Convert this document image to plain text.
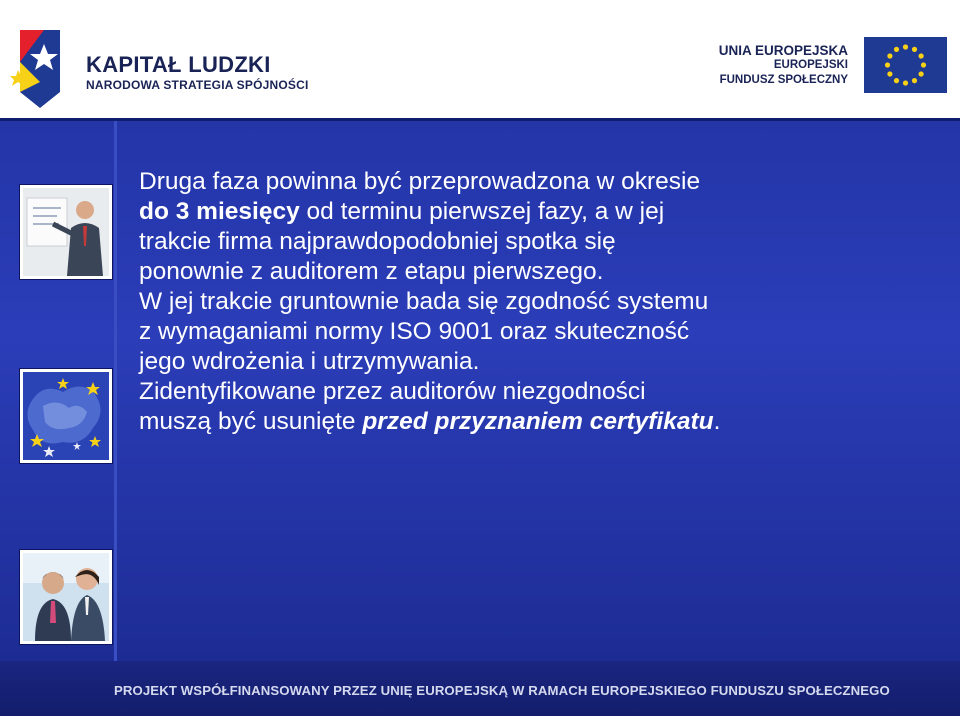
KAPITAŁ LUDZKI
NARODOWA STRATEGIA SPÓJNOŚCI
UNIA EUROPEJSKA
EUROPEJSKI
FUNDUSZ SPOŁECZNY

Druga faza powinna być przeprowadzona w okresie
do 3 miesięcy od terminu pierwszej fazy, a w jej
trakcie firma najprawdopodobniej spotka się
ponownie z auditorem z etapu pierwszego.

W jej trakcie gruntownie bada się zgodność systemu
z wymaganiami normy ISO 9001 oraz skuteczność
jego wdrożenia i utrzymywania.

Zidentyfikowane przez auditorów niezgodności
muszą być usunięte przed przyznaniem certyfikatu.

PROJEKT WSPÓŁFINANSOWANY PRZEZ UNIĘ EUROPEJSKĄ W RAMACH EUROPEJSKIEGO FUNDUSZU SPOŁECZNEGO
